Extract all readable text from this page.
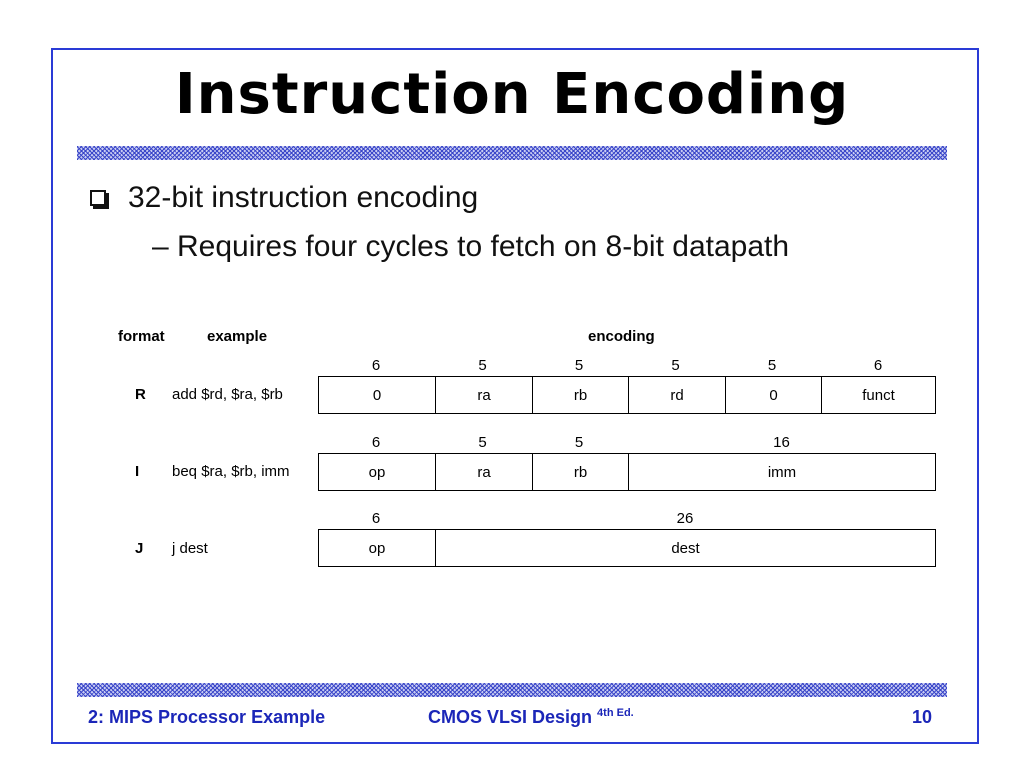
Instruction Encoding
32-bit instruction encoding
– Requires four cycles to fetch on 8-bit datapath
format	example	encoding
6	5	5	5	5	6
R add $rd, $ra, $rb	0	ra	rb	rd	0	funct
6	5	5	16
I beq $ra, $rb, imm	op	ra	rb	imm
6	26
J j dest	op	dest
2: MIPS Processor Example	CMOS VLSI Design $^{4th Ed.}$	10
